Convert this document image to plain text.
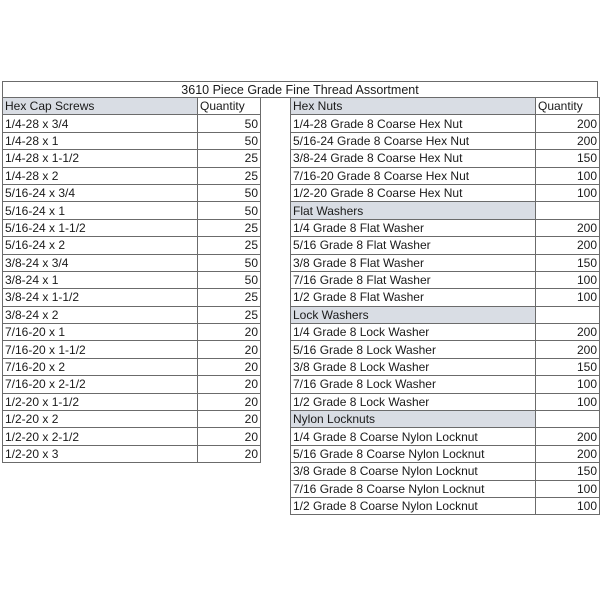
3610 Piece Grade Fine Thread Assortment
Hex Cap Screws	Quantity
1/4-28 x 3/4	50
1/4-28 x 1	50
1/4-28 x 1-1/2	25
1/4-28 x 2	25
5/16-24 x 3/4	50
5/16-24 x 1	50
5/16-24 x 1-1/2	25
5/16-24 x 2	25
3/8-24 x 3/4	50
3/8-24 x 1	50
3/8-24 x 1-1/2	25
3/8-24 x 2	25
7/16-20 x 1	20
7/16-20 x 1-1/2	20
7/16-20 x 2	20
7/16-20 x 2-1/2	20
1/2-20 x 1-1/2	20
1/2-20 x 2	20
1/2-20 x 2-1/2	20
1/2-20 x 3	20
Hex Nuts	Quantity
1/4-28 Grade 8 Coarse Hex Nut	200
5/16-24 Grade 8 Coarse Hex Nut	200
3/8-24 Grade 8 Coarse Hex Nut	150
7/16-20 Grade 8 Coarse Hex Nut	100
1/2-20 Grade 8 Coarse Hex Nut	100
Flat Washers	
1/4 Grade 8 Flat Washer	200
5/16 Grade 8 Flat Washer	200
3/8 Grade 8 Flat Washer	150
7/16 Grade 8 Flat Washer	100
1/2 Grade 8 Flat Washer	100
Lock Washers	
1/4 Grade 8 Lock Washer	200
5/16 Grade 8 Lock Washer	200
3/8 Grade 8 Lock Washer	150
7/16 Grade 8 Lock Washer	100
1/2 Grade 8 Lock Washer	100
Nylon Locknuts	
1/4 Grade 8 Coarse Nylon Locknut	200
5/16 Grade 8 Coarse Nylon Locknut	200
3/8 Grade 8 Coarse Nylon Locknut	150
7/16 Grade 8 Coarse Nylon Locknut	100
1/2 Grade 8 Coarse Nylon Locknut	100
